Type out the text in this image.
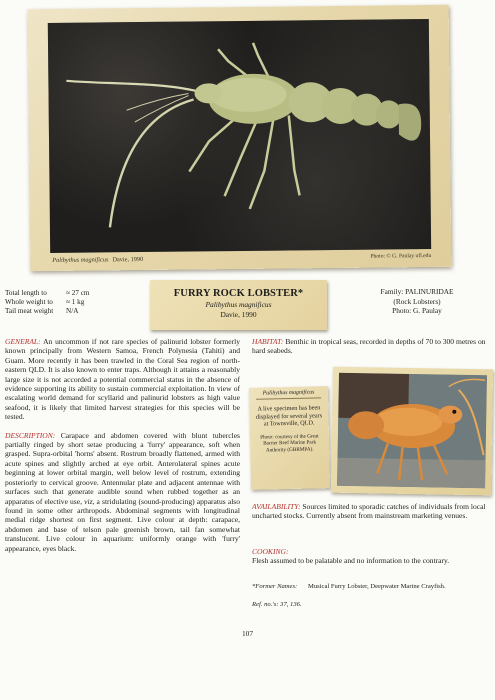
Palibythus magnificus Davie, 1990	Photo: © G. Paulay ufl.edu
Total length to	≈ 27 cm
Whole weight to	≈ 1 kg
Tail meat weight	N/A
FURRY ROCK LOBSTER*
Palibythus magnificus
Davie, 1990
Family: PALINURIDAE
(Rock Lobsters)
Photo: G. Paulay

GENERAL: An uncommon if not rare species of palinurid lobster formerly known principally from Western Samoa, French Polynesia (Tahiti) and Guam. More recently it has been trawled in the Coral Sea region of north-eastern QLD. It is also known to enter traps. Although it attains a reasonably large size it is not accorded a potential commercial status in the absence of evidence supporting its ability to sustain commercial exploitation. In view of escalating world demand for scyllarid and palinurid lobsters as high value seafood, it is likely that limited harvest strategies for this species will be tested.

DESCRIPTION: Carapace and abdomen covered with blunt tubercles partially ringed by short setae producing a 'furry' appearance, soft when grasped. Supra-orbital 'horns' absent. Rostrum broadly flattened, armed with acute spines and slightly arched at eye orbit. Anterolateral spines acute beginning at lower orbital margin, well below level of rostrum, extending posteriorly to cervical groove. Antennular plate and adjacent antennae with surfaces such that generate audible sound when rubbed together as an apparatus of elective use, viz, a stridulating (sound-producing) apparatus also found in some other arthropods. Abdominal segments with longitudinal medial ridge shortest on first segment. Live colour at depth: carapace, abdomen and base of telson pale greenish brown, tail fan somewhat translucent. Live colour in aquarium: uniformly orange with 'furry' appearance, eyes black.

HABITAT: Benthic in tropical seas, recorded in depths of 70 to 300 metres on hard seabeds.
Palibythus magnificus
A live specimen has been displayed for several years at Townsville, QLD.
Photo: courtesy of the Great Barrier Reef Marine Park Authority (GBRMPA).
AVAILABILITY: Sources limited to sporadic catches of individuals from local uncharted stocks. Currently absent from mainstream marketing venues.
COOKING:
Flesh assumed to be palatable and no information to the contrary.
*Former Names:	Musical Furry Lobster, Deepwater Marine Crayfish.
Ref. no.'s: 37, 136.
107
